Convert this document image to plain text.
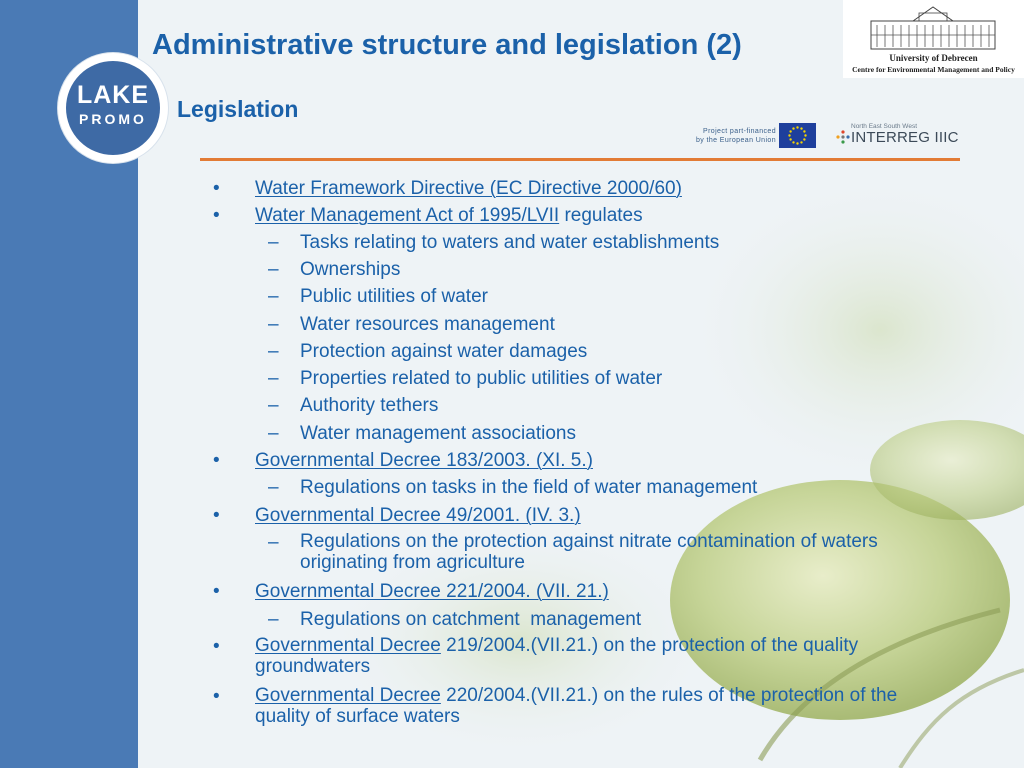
LAKE
PROMO
Administrative structure and legislation (2)
Legislation
University of Debrecen
Centre for Environmental Management and Policy
Project part-financed
by the European Union
North East South West
INTERREG IIIC
• Water Framework Directive (EC Directive 2000/60)
• Water Management Act of 1995/LVII regulates
– Tasks relating to waters and water establishments
– Ownerships
– Public utilities of water
– Water resources management
– Protection against water damages
– Properties related to public utilities of water
– Authority tethers
– Water management associations
• Governmental Decree 183/2003. (XI. 5.)
– Regulations on tasks in the field of water management
• Governmental Decree 49/2001. (IV. 3.)
– Regulations on the protection against nitrate contamination of waters originating from agriculture
• Governmental Decree 221/2004. (VII. 21.)
– Regulations on catchment  management
• Governmental Decree 219/2004.(VII.21.) on the protection of the quality groundwaters
• Governmental Decree 220/2004.(VII.21.) on the rules of the protection of the quality of surface waters
